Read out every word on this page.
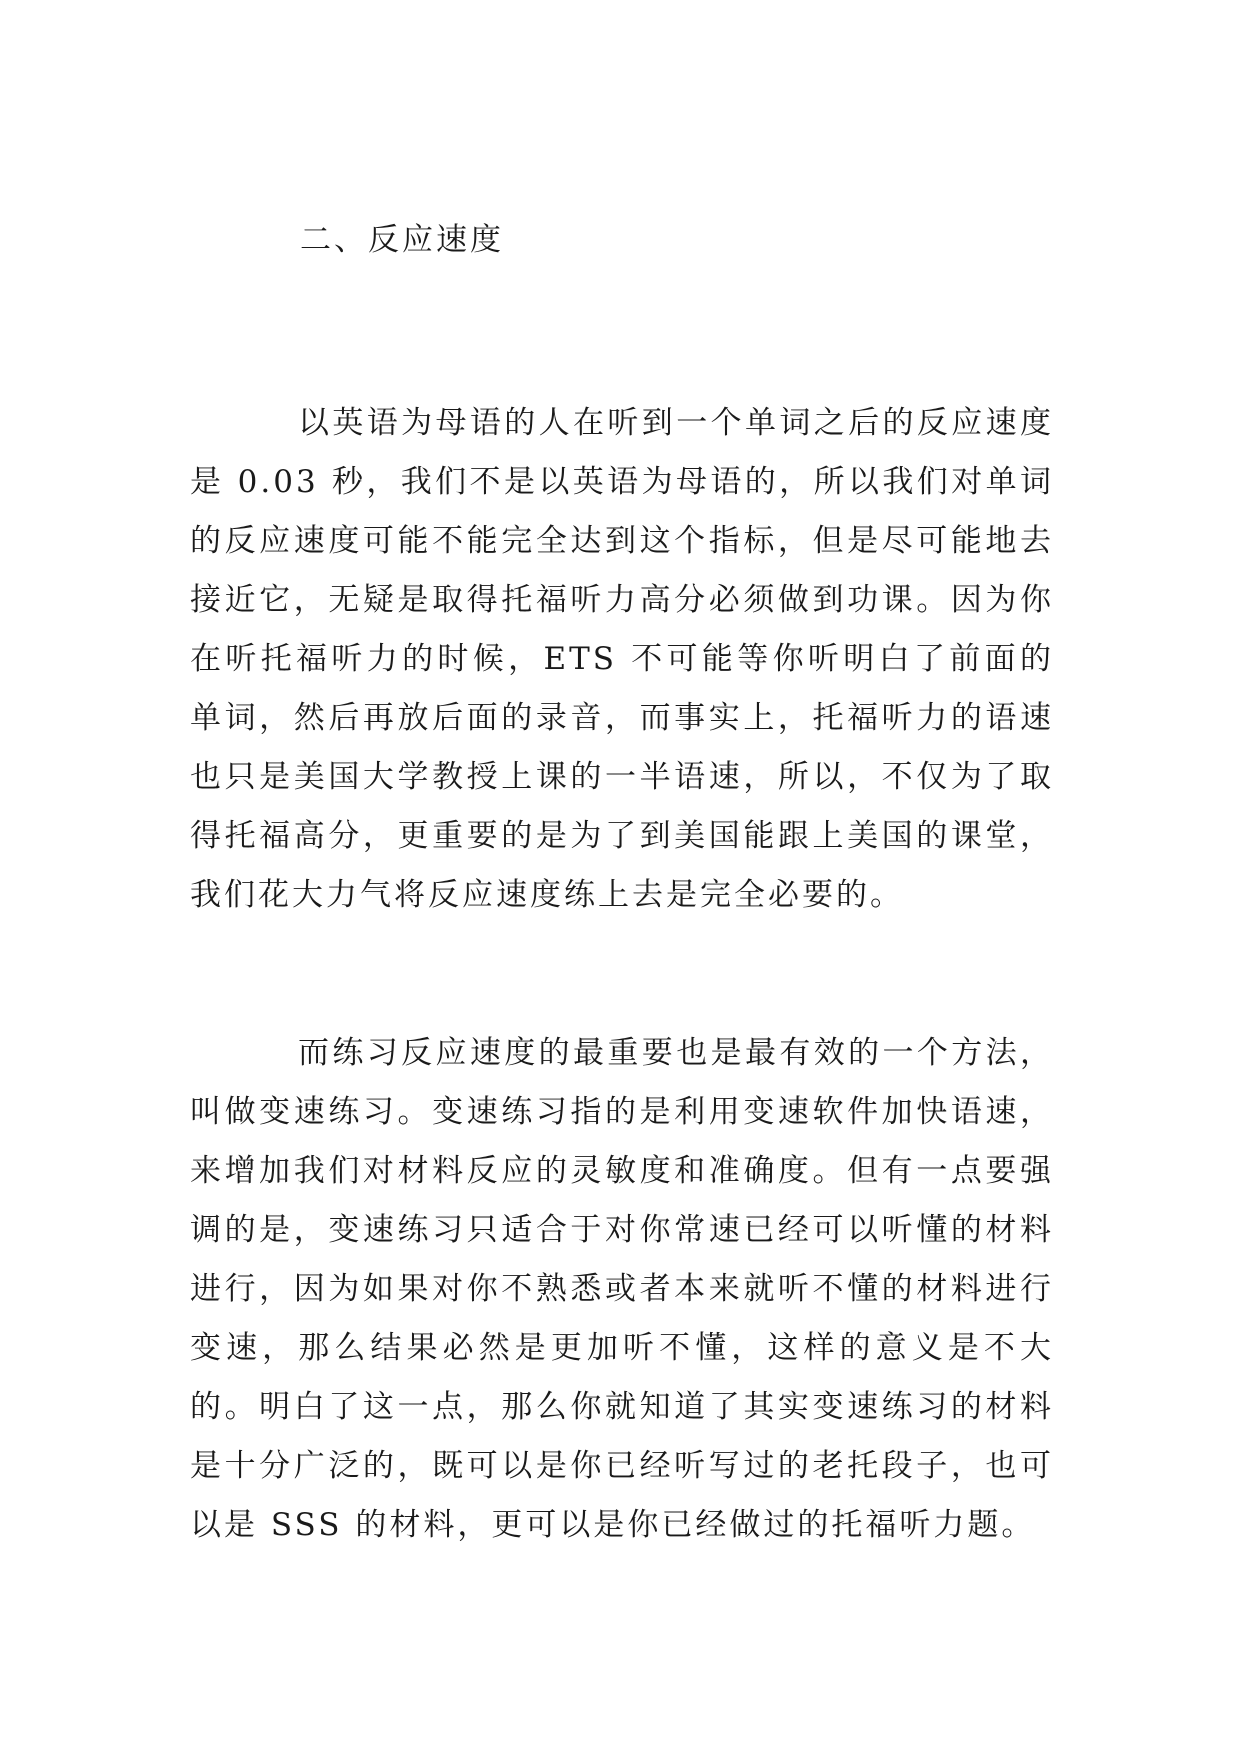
二、反应速度

以英语为母语的人在听到一个单词之后的反应速度是 0.03 秒，我们不是以英语为母语的，所以我们对单词的反应速度可能不能完全达到这个指标，但是尽可能地去接近它，无疑是取得托福听力高分必须做到功课。因为你在听托福听力的时候，ETS 不可能等你听明白了前面的单词，然后再放后面的录音，而事实上，托福听力的语速也只是美国大学教授上课的一半语速，所以，不仅为了取得托福高分，更重要的是为了到美国能跟上美国的课堂，我们花大力气将反应速度练上去是完全必要的。

而练习反应速度的最重要也是最有效的一个方法，叫做变速练习。变速练习指的是利用变速软件加快语速，来增加我们对材料反应的灵敏度和准确度。但有一点要强调的是，变速练习只适合于对你常速已经可以听懂的材料进行，因为如果对你不熟悉或者本来就听不懂的材料进行变速，那么结果必然是更加听不懂，这样的意义是不大的。明白了这一点，那么你就知道了其实变速练习的材料是十分广泛的，既可以是你已经听写过的老托段子，也可以是 SSS 的材料，更可以是你已经做过的托福听力题。
